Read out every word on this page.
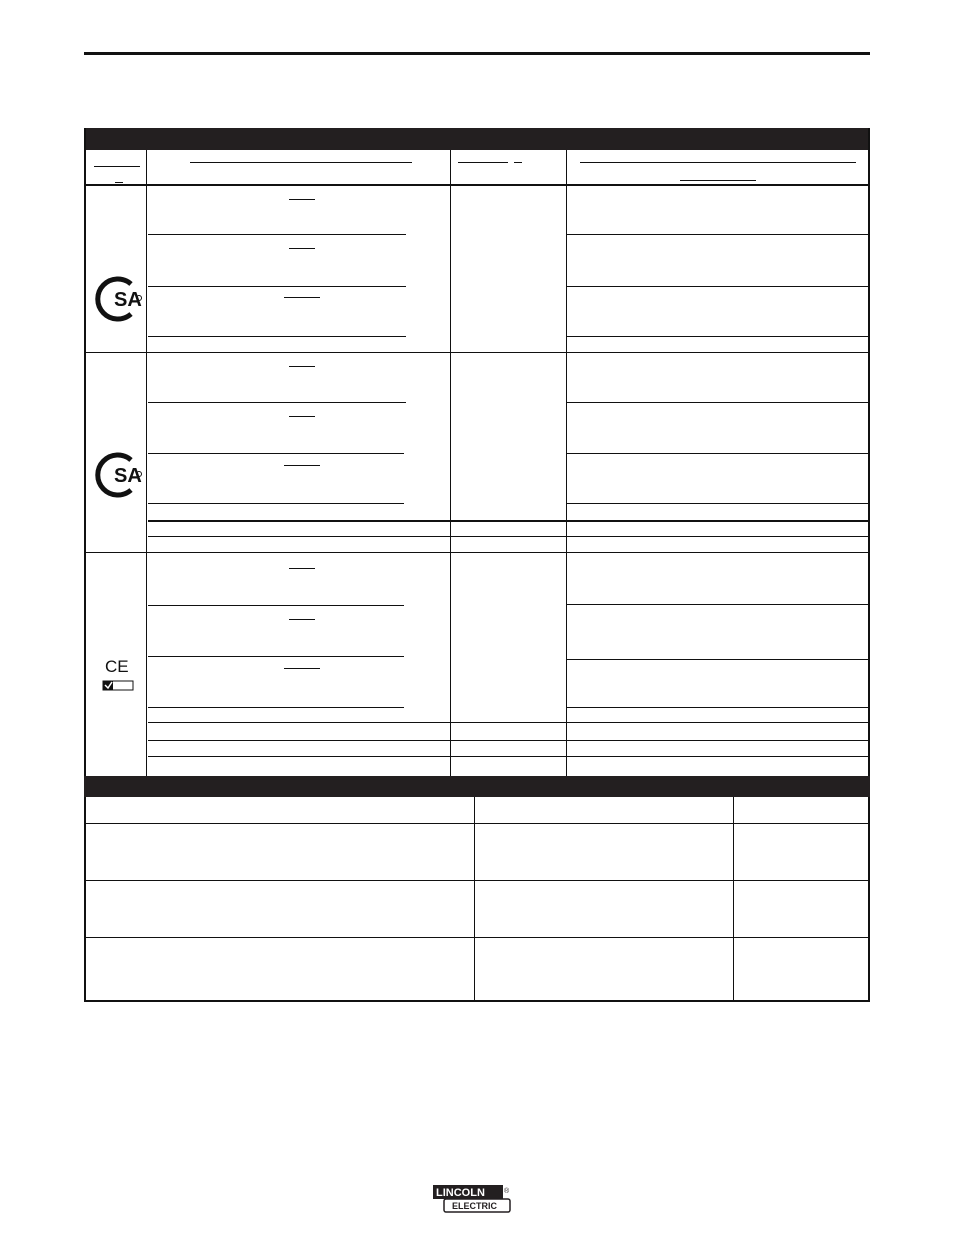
SA
SA
CE
LINCOLN
ELECTRIC
®
